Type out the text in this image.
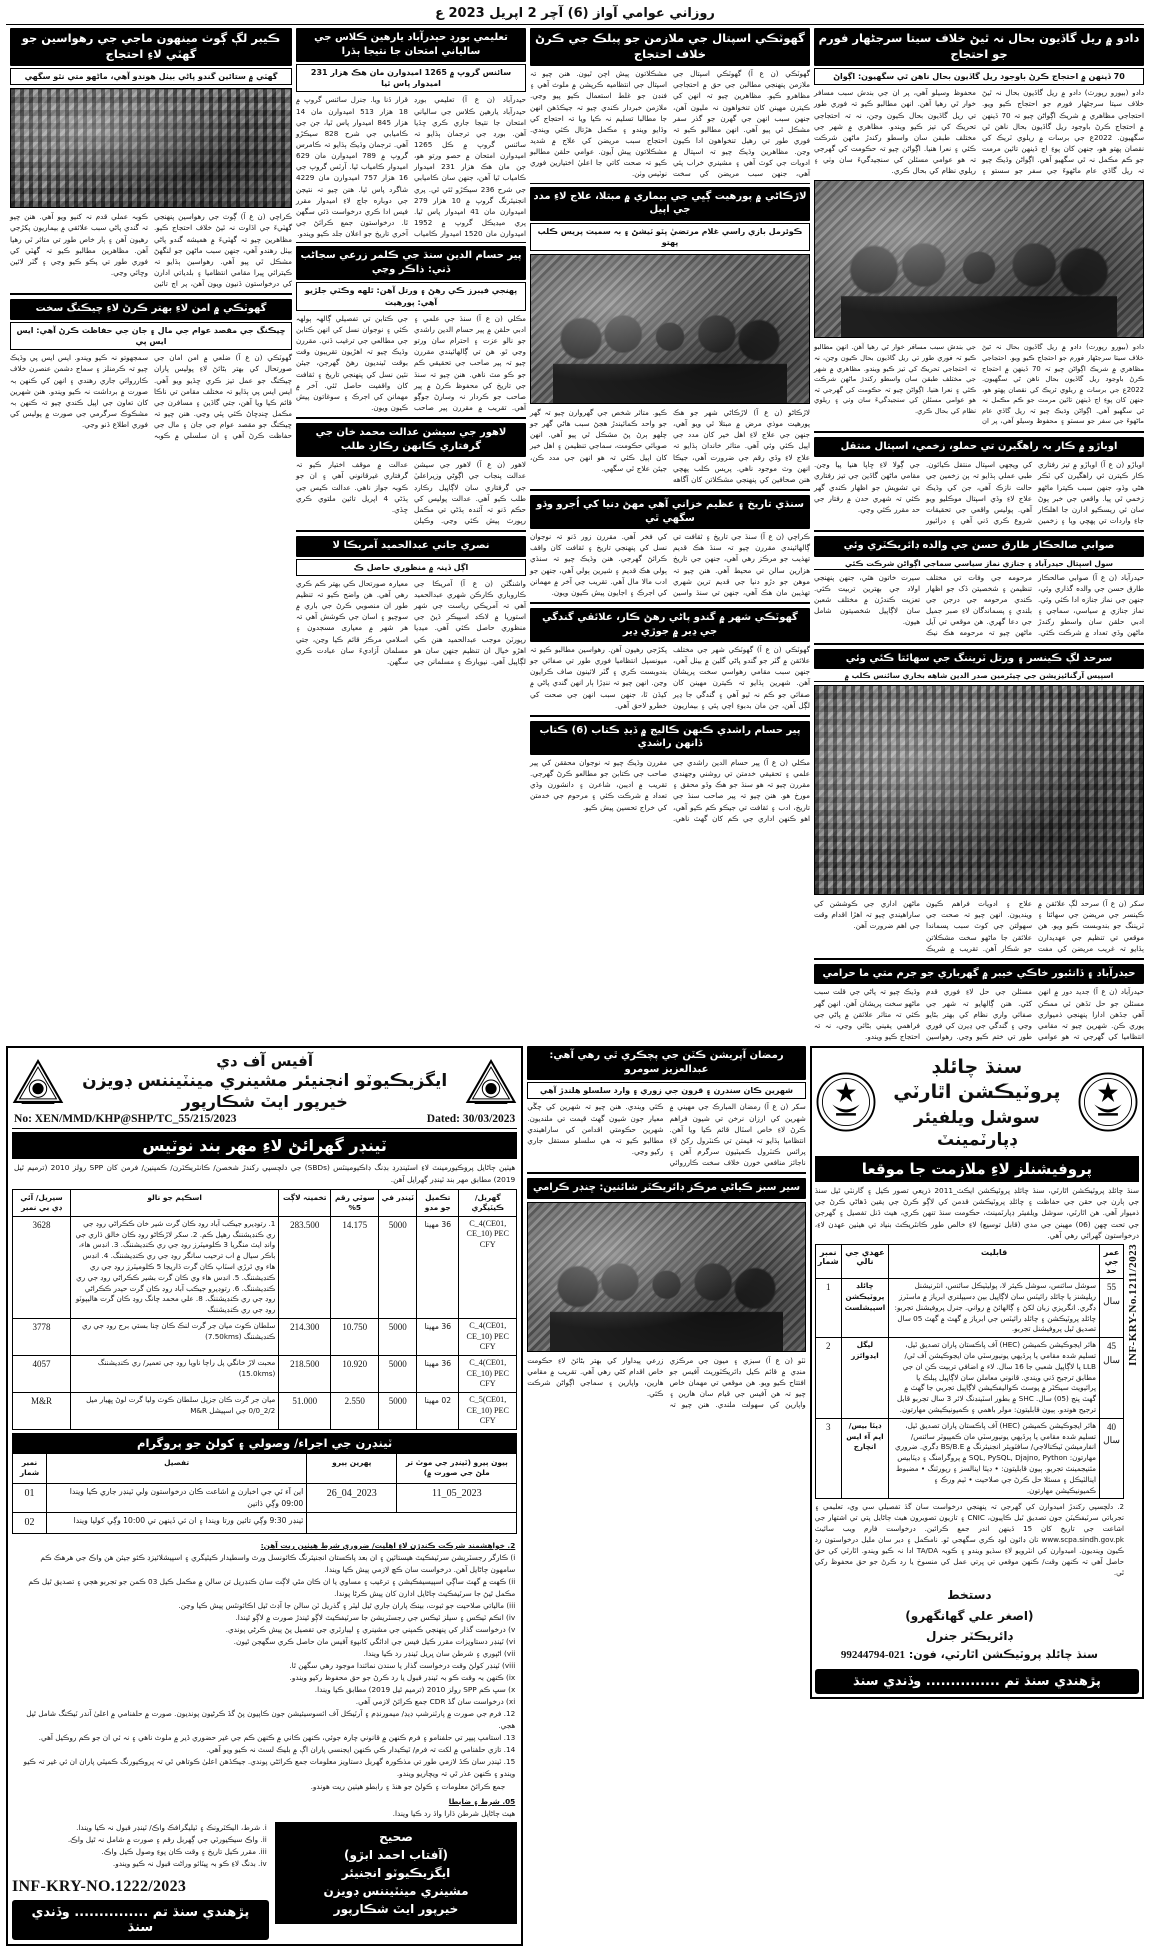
روزاني عوامي آواز (6) آچر 2 اپريل 2023 ع
دادو ۾ ريل گاڏيون بحال نہ ٿيڻ خلاف سيتا سرجڻهار فورم جو احتجاج
70 ڏينهن ۾ احتجاج ڪرڻ باوجود ريل گاڏيون بحال ناهن ٿي سگهيون: اڳواڻ
دادو (بيورو رپورٽ) دادو ۾ ريل گاڏيون بحال نہ ٿيڻ خلاف سيتا سرجڻهار فورم جو احتجاج ڪيو ويو. احتجاجي مظاهري ۾ شريڪ اڳواڻن چيو تہ 70 ڏينهن ۾ احتجاج ڪرڻ باوجود ريل گاڏيون بحال ناهن ٿي سگهيون. 2022ع جي برسات ۾ ريلوي ٽريڪ کي نقصان پهتو هو، جنهن کان پوءِ اڄ ڏينهن تائين مرمت جو ڪم مڪمل نہ ٿي سگهيو آهي. اڳواڻن وڌيڪ چيو تہ ريل گاڏي عام ماڻهوءَ جي سفر جو سستو ۽ محفوظ وسيلو آهي، پر ان جي بندش سبب مسافر خوار ٿي رهيا آهن. انهن مطالبو ڪيو تہ فوري طور تي ريل گاڏيون بحال ڪيون وڃن، نہ تہ احتجاجي تحريڪ کي تيز ڪيو ويندو. مظاهري ۾ شهر جي مختلف طبقن سان واسطو رکندڙ ماڻهن شرڪت ڪئي ۽ نعرا هنيا. اڳواڻن چيو تہ حڪومت کي گهرجي تہ هو عوامي مسئلن کي سنجيدگيءَ سان وٺي ۽ ريلوي نظام کي بحال ڪري.
دادو (بيورو رپورٽ) دادو ۾ ريل گاڏيون بحال نہ ٿيڻ خلاف سيتا سرجڻهار فورم جو احتجاج ڪيو ويو. احتجاجي مظاهري ۾ شريڪ اڳواڻن چيو تہ 70 ڏينهن ۾ احتجاج ڪرڻ باوجود ريل گاڏيون بحال ناهن ٿي سگهيون. 2022ع جي برسات ۾ ريلوي ٽريڪ کي نقصان پهتو هو، جنهن کان پوءِ اڄ ڏينهن تائين مرمت جو ڪم مڪمل نہ ٿي سگهيو آهي. اڳواڻن وڌيڪ چيو تہ ريل گاڏي عام ماڻهوءَ جي سفر جو سستو ۽ محفوظ وسيلو آهي، پر ان جي بندش سبب مسافر خوار ٿي رهيا آهن. انهن مطالبو ڪيو تہ فوري طور تي ريل گاڏيون بحال ڪيون وڃن، نہ تہ احتجاجي تحريڪ کي تيز ڪيو ويندو. مظاهري ۾ شهر جي مختلف طبقن سان واسطو رکندڙ ماڻهن شرڪت ڪئي ۽ نعرا هنيا. اڳواڻن چيو تہ حڪومت کي گهرجي تہ هو عوامي مسئلن کي سنجيدگيءَ سان وٺي ۽ ريلوي نظام کي بحال ڪري.
اوباڙو ۾ ڪار بہ راهگيرن تي حملو، زخمي، اسپتال منتقل
اوباڙو (ن ع آ) اوباڙو ۾ تيز رفتاري ڪار ڪيترن ئي راهگيرن کي ٽڪر هڻي وڌو، جنهن سبب ڪيترا ماڻهو زخمي ٿي پيا. واقعي جي خبر پوڻ سان ئي ريسڪيو ادارن جا اهلڪار جاءِ واردات تي پهچي ويا ۽ زخمين کي ويجهي اسپتال منتقل ڪيائون. طبي عملي ٻڌايو تہ ٻن زخمين جي حالت نازڪ آهي، جن کي وڌيڪ علاج لاءِ وڏي اسپتال موڪليو ويو آهي. پوليس واقعي جي تحقيقات شروع ڪري ڏني آهي ۽ ڊرائيور جي ڳولا لاءِ ڇاپا هنيا پيا وڃن. مقامي ماڻهن گاڏين جي تيز رفتاري تي تشويش جو اظهار ڪندي گهر ڪئي تہ شهري حدن ۾ رفتار جي حد مقرر ڪئي وڃي.
صوابي صالحڪار طارق حسن جي والده ڊائريڪٽري وئي
سول اسپتال حيدرآباد ۽ جنازي نماز سياسي سماجي اڳواڻن شرڪت ڪئي
حيدرآباد (ن ع آ) صوابي صالحڪار طارق حسن جي والده گذاري وئي، جنهن جي نماز جنازه ادا ڪئي وئي. نماز جنازي ۾ سياسي، سماجي ۽ ادبي حلقن سان واسطو رکندڙ ماڻهن وڏي تعداد ۾ شرڪت ڪئي. مرحومه جي وفات تي مختلف تنظيمن ۽ شخصيتن ڏک جو اظهار ڪندي مرحومه جي درجن جي بلندي ۽ پسماندگان لاءِ صبر جميل جي دعا گهري. هن موقعي تي آيل ماڻهن چيو تہ مرحومه هڪ نيڪ سيرت خاتون هئي، جنهن پنهنجي اولاد جي بهترين تربيت ڪئي. تعزيت ڪندڙن ۾ مختلف شعبن سان لاڳاپيل شخصيتون شامل هيون.
سرحد لڳ ڪينسر ۽ ورتل ٽريننگ جي سهائتا ڪئي وئي
اسپيس آرگنائيزيشن جي چيئرمين صدر الدين شاهه بخاري سائنس ڪلب ۾
سکر (ن ع آ) سرحد لڳ علائقن ۾ ڪينسر جي مريضن جي سهائتا ۽ ٽريننگ جو بندوبست ڪيو ويو. هن موقعي تي تنظيم جي عهديدارن ٻڌايو تہ غريب مريضن کي مفت علاج ۽ ادويات فراهم ڪيون وينديون. انهن چيو تہ صحت جي سهولتن جي کوٽ سبب پسماندا علائقن جا ماڻهو سخت مشڪلاتن جو شڪار آهن. تقريب ۾ شريڪ ماڻهن اداري جي ڪوششن کي ساراهيندي چيو تہ اهڙا اقدام وقت جي اهم ضرورت آهن.
حيدرآباد ۽ ڏانئبور خاڪي خيبر ۾ گهرباري جو جرم متي ما حرامي
حيدرآباد (ن ع آ) جديد دور ۾ انهن مسئلن جو حل تڏهن ئي ممڪن آهي جڏهن ادارا پنهنجي ذميواري پوري ڪن. شهرين چيو تہ مقامي انتظاميا کي گهرجي تہ هو عوامي مسئلن جي حل لاءِ فوري قدم کڻي. هنن ڳالهايو تہ شهر جي صفائي واري نظام کي بهتر بڻايو وڃي ۽ گندگي جي ڍيرن کي فوري طور تي ختم ڪيو وڃي. رهواسين وڌيڪ چيو تہ پاڻي جي قلت سبب ماڻهو سخت پريشان آهن. انهن گهر ڪئي تہ متاثر علائقن ۾ پاڻي جي فراهمي يقيني بڻائي وڃي، نہ تہ احتجاج ڪيو ويندو.
گهوٽڪي اسپتال جي ملازمن جو پبلڪ جي ڪرڻ خلاف احتجاج
گهوٽڪي (ن ع آ) گهوٽڪي اسپتال جي ملازمن پنهنجي مطالبن جي حق ۾ احتجاجي مظاهرو ڪيو. مظاهرين چيو تہ انهن کي ڪيترن مهينن کان تنخواهون نہ مليون آهن، جنهن سبب انهن جي گهرن جو گذر سفر مشڪل ٿي پيو آهي. انهن مطالبو ڪيو تہ فوري طور تي رهيل تنخواهون ادا ڪيون وڃن. مظاهرين وڌيڪ چيو تہ اسپتال ۾ ادويات جي کوٽ آهي ۽ مشينري خراب پئي آهي، جنهن سبب مريضن کي سخت مشڪلاتون پيش اچن ٿيون. هنن چيو تہ اسپتال جي انتظاميه ڪرپشن ۾ ملوث آهي ۽ فنڊن جو غلط استعمال ڪيو پيو وڃي. ملازمن خبردار ڪندي چيو تہ جيڪڏهن انهن جا مطالبا تسليم نہ ڪيا ويا تہ احتجاج کي وڌايو ويندو ۽ مڪمل هڙتال ڪئي ويندي. احتجاج سبب مريضن کي علاج ۾ شديد مشڪلاتون پيش آيون. عوامي حلقن مطالبو ڪيو تہ صحت کاتي جا اعليٰ اختيارين فوري نوٽيس وٺن.
لاڙڪاڻي ۾ پورهيت ڳڀي جي بيماري ۾ مبتلا، علاج لاءِ مدد جي اپيل
ڪوئرمل بازي راسي غلام مرتضيٰ پٽو ٽيشڻ ۽ بہ سميت پريس ڪلب پهتو
لاڙڪاڻو (ن ع آ) لاڙڪاڻي شهر جو هڪ پورهيت موذي مرض ۾ مبتلا ٿي ويو آهي، جنهن جي علاج لاءِ اهل خير کان مدد جي اپيل ڪئي وئي آهي. متاثر خاندان ٻڌايو تہ علاج لاءِ وڏي رقم جي ضرورت آهي، جيڪا انهن وٽ موجود ناهي. پريس ڪلب پهچي هنن صحافين کي پنهنجي مشڪلاتن کان آگاهه ڪيو. متاثر شخص جي گهروارن چيو تہ گهر جو واحد ڪمائيندڙ هجڻ سبب هاڻي گهر جو چلهو ٻرڻ پڻ مشڪل ٿي پيو آهي. انهن صوبائي حڪومت، سماجي تنظيمن ۽ اهل خير کان اپيل ڪئي تہ هو انهن جي مدد ڪن، جيئن علاج ٿي سگهي.
سنڌي تاريخ ۽ عظيم خزاني آهي مهڻ دنيا کي اُجرو وڌو سگهي ٿي
ڪراچي (ن ع آ) سنڌ جي تاريخ ۽ ثقافت تي ڳالهائيندي مقررن چيو تہ سنڌ هڪ قديم تهذيب جو مرڪز رهي آهي، جنهن جي تاريخ هزارين سالن تي محيط آهي. هنن چيو تہ موهن جو دڙو دنيا جي قديم ترين شهري تهذيبن مان هڪ آهي، جنهن تي سنڌ واسين کي فخر آهي. مقررن زور ڏنو تہ نوجوان نسل کي پنهنجي تاريخ ۽ ثقافت کان واقف ڪرائڻ گهرجي. هنن وڌيڪ چيو تہ سنڌي ٻولي هڪ قديم ۽ شيرين ٻولي آهي، جنهن جو ادب مالا مال آهي. تقريب جي آخر ۾ مهمانن کي اجرڪ ۽ اجايون پيش ڪيون ويون.
گهوٽڪي شهر ۾ گندو پاڻي رهڻ ڪار، علائقي گندگي جي ڍير ۾ جوڙي ڍير
گهوٽڪي (ن ع آ) گهوٽڪي شهر جي مختلف علائقن ۾ گٽر جو گندو پاڻي گلين ۾ بيٺل آهي، جنهن سبب مقامي رهواسي سخت پريشان آهن. شهرين ٻڌايو تہ ڪيترن مهينن کان صفائي جو ڪم نہ ٿيو آهي ۽ گندگي جا ڍير لڳل آهن، جن مان بدبوءِ اچي پئي ۽ بيماريون پکڙجي رهيون آهن. رهواسين مطالبو ڪيو تہ ميونسپل انتظاميا فوري طور تي صفائي جو بندوبست ڪري ۽ گٽر لائينون صاف ڪرايون وڃن. انهن چيو تہ ننڍڙا ٻار انهن گندي پاڻي ۾ کيڏن ٿا، جنهن سبب انهن جي صحت کي خطرو لاحق آهي.
پير حسام راشدي ڪنهن ڪاليج ۾ ڏيڍ ڪتاب (6) ڪتاب ڏانهن راشدي
مڪلي (ن ع آ) پير حسام الدين راشدي جي علمي ۽ تحقيقي خدمتن تي روشني وجهندي مقررن چيو تہ هو سنڌ جو هڪ وڏو محقق ۽ مورخ هو. هنن چيو تہ پير صاحب سنڌ جي تاريخ، ادب ۽ ثقافت تي جيڪو ڪم ڪيو آهي، اهو ڪنهن اداري جي ڪم کان گهٽ ناهي. مقررن وڌيڪ چيو تہ نوجوان محققن کي پير صاحب جي ڪتابن جو مطالعو ڪرڻ گهرجي. تقريب ۾ اديبن، شاعرن ۽ دانشورن وڏي تعداد ۾ شرڪت ڪئي ۽ مرحوم جي خدمتن کي خراج تحسين پيش ڪيو.
تعليمي بورڊ حيدرآباد يارهين ڪلاس جي سالياني امتحان جا نتيجا ٻڌرا
سائنس گروپ ۾ 1265 اميدوارن مان هڪ هزار 231 اميدوار پاس ٿيا
حيدرآباد (ن ع آ) تعليمي بورڊ حيدرآباد يارهين ڪلاس جي سالياني امتحان جا نتيجا جاري ڪري ڇڏيا آهن. بورڊ جي ترجمان ٻڌايو تہ سائنس گروپ ۾ ڪل 1265 اميدوارن امتحان ۾ حصو ورتو هو، جن مان هڪ هزار 231 اميدوار ڪامياب ٿيا آهن، جنهن سان ڪاميابي جي شرح 236 سيڪڙو ٿئي ٿي. پري انجنيئرنگ گروپ ۾ 10 هزار 279 اميدوارن مان 41 اميدوار پاس ٿيا. پري ميڊيڪل گروپ ۾ 1952 اميدوارن مان 1520 اميدوار ڪامياب قرار ڏنا ويا. جنرل سائنس گروپ ۾ 18 هزار 513 اميدوارن مان 14 هزار 845 اميدوار پاس ٿيا، جن جي ڪاميابي جي شرح 828 سيڪڙو آهي. ترجمان وڌيڪ ٻڌايو تہ ڪامرس گروپ ۾ 789 اميدوارن مان 629 اميدوار ڪامياب ٿيا. آرٽس گروپ جي 16 هزار 757 اميدوارن مان 4229 شاگرد پاس ٿيا. هنن چيو تہ نتيجن جي دوباره جاچ لاءِ اميدوار مقرر فيس ادا ڪري درخواست ڏئي سگهن ٿا. درخواستون جمع ڪرائڻ جي آخري تاريخ جو اعلان جلد ڪيو ويندو.
پير حسام الدين سنڌ جي ڪلمر زرعي سجاڻب ڏني: ذاڪر وڃي
پهنجي فيبرز ڪي رهڻ ۽ ورتل آهن: ٿلهه وڪٽي جلڙيو آهي: پورهيت
مڪلي (ن ع آ) سنڌ جي علمي ۽ ادبي حلقن ۾ پير حسام الدين راشدي جو نالو عزت ۽ احترام سان ورتو وڃي ٿو. هن تي ڳالهائيندي مقررن چيو تہ پير صاحب جي تحقيقي ڪم جو ڪو مٽ ناهي. هنن چيو تہ سنڌ جي تاريخ کي محفوظ ڪرڻ ۾ پير صاحب جو ڪردار نہ وسارڻ جوڳو آهي. تقريب ۾ مقررن پير صاحب جي ڪتابن تي تفصيلي ڳالهہ ٻولهہ ڪئي ۽ نوجوان نسل کي انهن ڪتابن جي مطالعي جي ترغيب ڏني. مقررن وڌيڪ چيو تہ اهڙيون تقريبون وقت بوقت ٿينديون رهڻ گهرجن، جيئن نئين نسل کي پنهنجي تاريخ ۽ ثقافت کان واقفيت حاصل ٿئي. آخر ۾ مهمانن کي اجرڪ ۽ سوغاتون پيش ڪيون ويون.
لاهور جي سيشن عدالت محمد خان جي گرفتاري ڪانهن رڪارڊ طلب
لاهور (ن ع آ) لاهور جي سيشن عدالت پنجاب جي اڳوڻي وزيراعليٰ جي گرفتاري سان لاڳاپيل رڪارڊ طلب ڪيو آهي. عدالت پوليس کي حڪم ڏنو تہ آئندہ ٻڌڻي تي مڪمل رپورٽ پيش ڪئي وڃي. وڪيلن عدالت ۾ موقف اختيار ڪيو تہ گرفتاري غيرقانوني آهي ۽ ان جو ڪوبہ جواز ناهي. عدالت ڪيس جي ٻڌڻي 4 اپريل تائين ملتوي ڪري ڇڏي.
نصري جاني عبدالحميد آمريڪا لا
اڳل ڏينہ ۾ منظوري حاصل ڪ
واشنگٽن (ن ع آ) آمريڪا جي ڪاروباري ڪارڪن شهري عبدالحميد آهي تہ آمريڪي رياست جي شهر استوريا ۾ لاڪڊ اسپيڪر ڏيڻ جي منظوري حاصل ڪئي آهي. ميڊيا رپورٽن موجب عبدالحميد هنن ڪي اهڙو خيال ان تنظيم جنهن سان هو لڳاپيل آهي. نيويارڪ ۽ مسلمانن جي معيارہ صورتحال ڪي بهتر ڪم ڪري رهي آهي. هن واضح ڪيو تہ تنظيم طور ان منصوبي ڪرڻ جي باري ۾ سوچيو ۽ اسان جي ڪوشش آهي تہ هر شهر ۾ معيارى مسجدون ۽ اسلامي مرڪز قائم ڪيا وڃن، جتي مسلمان آزاديءَ سان عبادت ڪري سگهن.
ڪيبر لڳ ڳوٺ مينهون ماجي جي رهواسين جو گهٽي لاءِ احتجاج
گهٽي ۾ ستائين گندو پاڻي بيٺل هوندو آهي، ماڻهو متي نٿو سگهي
ڪراچي (ن ع آ) ڳوٺ جي رهواسين پنهنجي گهٽيءَ جي اڏاوت نہ ٿيڻ خلاف احتجاج ڪيو. مظاهرين چيو تہ گهٽيءَ ۾ هميشه گندو پاڻي بيٺل رهندو آهي، جنهن سبب ماڻهن جو لنگهڻ مشڪل ٿي پيو آهي. رهواسين ٻڌايو تہ ڪيترائي ڀيرا مقامي انتظاميا ۽ بلدياتي ادارن کي درخواستون ڏنيون ويون آهن، پر اڄ تائين ڪوبہ عملي قدم نہ کنيو ويو آهي. هنن چيو تہ گندي پاڻي سبب علائقي ۾ بيماريون پکڙجي رهيون آهن ۽ ٻار خاص طور تي متاثر ٿي رهيا آهن. مظاهرين مطالبو ڪيو تہ گهٽي کي فوري طور تي پڪو ڪيو وڃي ۽ گٽر لائين وڇائي وڃي.
گهوٽڪي ۾ امن لاءِ بهتر ڪرڻ لاءِ چيڪنگ سخت
ڇيڪنگ جي مقصد عوام جي مال ۽ جان جي حفاظت ڪرڻ آهي: ايس ايس پي
گهوٽڪي (ن ع آ) ضلعي ۾ امن امان جي صورتحال کي بهتر بڻائڻ لاءِ پوليس پاران چيڪنگ جو عمل تيز ڪري ڇڏيو ويو آهي. ايس ايس پي ٻڌايو تہ مختلف مقامن تي ناڪا قائم ڪيا ويا آهن، جتي گاڏين ۽ مسافرن جي مڪمل ڇنڊڇاڻ ڪئي پئي وڃي. هنن چيو تہ ڇيڪنگ جو مقصد عوام جي جان ۽ مال جي حفاظت ڪرڻ آهي ۽ ان سلسلي ۾ ڪوبہ سمجهوتو نہ ڪيو ويندو. ايس ايس پي وڌيڪ چيو تہ ڪرمنلز ۽ سماج دشمن عنصرن خلاف ڪارروائي جاري رهندي ۽ انهن کي ڪنهن بہ صورت ۾ برداشت نہ ڪيو ويندو. هنن شهرين کان تعاون جي اپيل ڪندي چيو تہ ڪنهن بہ مشڪوڪ سرگرمي جي صورت ۾ پوليس کي فوري اطلاع ڏنو وڃي.
سنڌ چائلڊ پروٽيڪشن اٿارٽي
سوشل ويلفيئر ڊپارٽمينٽ
پروفيشنلز لاءِ ملازمت جا موقعا
سنڌ چائلڊ پروٽيڪشن اٿارٽي، سنڌ چائلڊ پروٽيڪشن ايڪٽ_2011 ذريعي تصور ڪيل ۽ گارنٽي ٿيل سنڌ جي ٻارن جي حقن جي حفاظت ۽ چائلڊ پروٽيڪشن قدمن کي لاڳو ڪرڻ جي يقين ڏهاڻي ڪرڻ جي ذميوار آهي. هن اٿارٽي، سوشل ويلفيئر ڊپارٽمينٽ، حڪومت سنڌ تنهن ڪري، هيٺ ڏنل تفصيل ۽ گهرجن جي تحت ڇهن (06) مهينن جي مدي (قابل توسيع) لاءِ خالص طور ڪانٽريڪٽ بنياد تي هيٺين عهدن لاءِ، درخواستون گهرائي رهي آهي.
INF-KRY-No.1211/2023
عمر جي حد	قابليت	عهدي جي نالي	نمبر شمار
55 سال	سوشل سائنس، سوشل ڪيئر لا، پوليٽيڪل سائنس، انٽرنيشنل ريليشنز يا چائلڊ رائيٽس سان لاڳاپيل بين ڊسيپلنري ابرياز ۾ ماسٽرز ڊگري. انگريزي زبان لکڻ ۽ ڳالهائڻ ۾ رواني. جنرل پروفيشنل تجربو: چائلڊ پروٽيڪشن ۽ چائلڊ رائيٽس جي ابرياز ۾ گهٽ ۾ گهٽ 05 سال تصديق ٿيل پروفيشنل تجربو.	چائلڊ پروٽيڪشن اسپيشلسٽ	1
45 سال	هائر ايجوڪيشن ڪميشن (HEC) آف پاڪستان پاران تصديق ٿيل، تسليم شدہ مقامي يا پرڏيهي يونيورسٽي مان ايجوڪيشن آف ٿي/ LLB يا لاڳاپيل شعبي جا 16 سال. لاء ۾ اضافي تربيت ڪن ان جي مطابق ترجيح ڏني ويندي. قانوني معاملن سان لاڳاپيل پبلڪ يا پرائيويٽ سيڪٽر ۾ پوسٽ ڪواليفڪيشن لاڳاپيل تجربي جا گهٽ ۾ گهٽ پنج (05) سال. SHC ۾ بطور اسٽينڊنگ لائر 3 سال تجربو قابل ترجيح هوندو. ٻيون قابليتون: مولر باهمي ۽ ڪميونيڪيشن مهارتون.	ليگل ايڊوائزر	2
40 سال	هائر ايجوڪيشن ڪميشن (HEC) آف پاڪستان پاران تصديق ٿيل، تسليم شدہ مقامي يا پرڏيهي يونيورسٽي مان ڪمپيوٽر سائنس/ انفارميشن ٽيڪنالاجي/ سافٽويئر انجنيئرنگ ۾ BS/B.E ڊگري. ضروري مهارتون: SQL, PySQL, Djajno, Python ۾ پروگرامنگ ۽ ڊيٽابيس مئنيجمينٽ تجربو. ٻيون قابليتون: • ڊيٽا اينالسز ۽ رپورٽنگ • مضبوط اينالٽيڪل ۽ مسئلا حل ڪرڻ جي صلاحيت • ٽيم ورڪ ۽ ڪميونيڪيشن مهارتون.	ڊيٽا بيس/ ايم آء ايس انچارج	3
2. دلچسپي رکندڙ اميدوارن کي گهرجي تہ پنهنجي درخواست سان گڏ تفصيلي سي وي، تعليمي ۽ تجرباتي سرٽيفڪيٽن جون تصديق ٿيل ڪاپيون، CNIC ۽ تازيون تصويرون هيٺ ڄاڻايل پتي تي اشتهار جي اشاعت جي تاريخ کان 15 ڏينهن اندر جمع ڪرائين. درخواست فارم ويب سائيٽ www.scpa.sindh.gov.pk تان ڊائون لوڊ ڪري سگهجي ٿو. نامڪمل ۽ دير سان مليل درخواستون رد ڪيون وينديون. اميدوارن کي انٽرويو لاءِ سڏيو ويندو ۽ ڪوبہ TA/DA ادا نہ ڪيو ويندو. اٿارٽي کي حق حاصل آهي تہ ڪنهن وقت/ ڪنهن موقعي تي ڀرتي عمل کي منسوخ يا رد ڪرڻ جو حق محفوظ رکي ٿي.
دستخط
(اصغر علي گهانگهرو)
ڊائريڪٽر جنرل
سنڌ چائلڊ پروٽيڪشن اٿارٽي، فون: 021-99244794
پڙهندي سنڌ تم ............... وڏندي سنڌ
رمضان آپريشن ڪٽن جي پچڪري ٿي رهي آهي: عبدالعزيز سومرو
شهرين ڪان سندرن ۽ قرون جي زوري ۽ وارد سلسلو هلندڙ آهي
سکر (ن ع آ) رمضان المبارڪ جي مهيني ۾ شهرين کي ارزان نرخن تي شيون فراهم ڪرڻ لاءِ خاص اسٽال قائم ڪيا ويا آهن. انتظاميا ٻڌايو تہ قيمتن تي ڪنٽرول رکڻ لاءِ پرائس ڪنٽرول ڪميٽيون سرگرم آهن ۽ ناجائز منافعي خورن خلاف سخت ڪارروائي ڪئي ويندي. هنن چيو تہ شهرين کي چڱي معيار جون شيون گهٽ قيمت تي ملنديون. شهرين حڪومتي اقدامن کي ساراهيندي مطالبو ڪيو تہ هي سلسلو مستقل جاري رکيو وڃي.
سير سبز ڪياڻي مرڪز ڊائريڪٽر شائنين: ڇنڊر ڪرامي
ٺٽو (ن ع آ) سبزي ۽ ميون جي مرڪزي منڊي ۾ قائم ڪيل ڊائريڪٽوريٽ آفيس جو افتتاح ڪيو ويو. هن موقعي تي مهمان خاص چيو تہ هن آفيس جي قيام سان هارين ۽ واپارين کي سهولت ملندي. هنن چيو تہ زرعي پيداوار کي بهتر بڻائڻ لاءِ حڪومت خاص اقدام کڻي رهي آهي. تقريب ۾ مقامي هارين، واپارين ۽ سماجي اڳواڻن شرڪت ڪئي.
آفيس آف دي
ايگزيڪيوٽو انجنيئر مشينري مينٽيننس ڊويزن
خيرپور ايٽ شڪارپور
No: XEN/MMD/KHP@SHP/TC_55/215/2023	Dated: 30/03/2023
ٽينڊر گهرائڻ لاءِ مهر بند نوٽيس
هيٺين ڄاڻايل پروڪيورمينٽ لاءِ اسٽينڊرڊ بڊنگ ڊاڪيومينٽس (SBDs) جي دلچسپي رکندڙ شخصن/ ڪانٽريڪٽرن/ ڪمپنين/ فرمن کان SPP رولز 2010 (ترميم ٿيل 2019) مطابق مهر بند ٽينڊر گهرايل آهن.
گهربل/ ڪيٽيگري	تڪميل جو مدو	ٽينڊر في	سوٽي رقم 5%	تخمينہ لاڳت	اسڪيم جو نالو	سيريل/ آئي ڊي بي نمبر
C_4(CE01, CE_10) PEC CFY	36 مهينا	5000	14.175	283.500	1. رتوڊيرو جيڪب آباد روڊ ڪان گرت شير خان ڪڪراڻي روڊ جي ري ڪنڊيشننگ رهيل ڪم. 2. سکر لاڙڪاڻو روڊ ڪان خالق ڌاري جي وانڊ ايٽ منگريا 3 ڪلوميٽرز روڊ جي ري ڪنڊيشننگ. 3. انڊس هاء، باڪر سيال ۾ اب ترحيب سانگر روڊ جي ري ڪنڊيشننگ. 4. انڊس هاء وي ٿرڙي اسٽاپ ڪان گرت ڏاريجا 5 ڪلوميٽرز روڊ جي ري ڪنڊيشننگ. 5. انڊس هاء وي ڪان گرت بشير ڪڪراڻي روڊ جي ري ڪنڊيشننگ. 6. رتوڊيرو جيڪب آباد روڊ ڪان گرت حيدر ڪڪراڻي روڊ جي ري ڪنڊيشننگ. 8. علي محمد چانگ روڊ ڪان گرت هاليپوٽو روڊ جي ري ڪنڊيشننگ	3628
C_4(CE01, CE_10) PEC CFY	36 مهينا	5000	10.750	214.300	سلطان ڪوٽ ميان جر گرت لنڪ ڪان چنا بستي برج روڊ جي ري ڪنڊيشننگ (7.50kms)	3778
C_4(CE01, CE_10) PEC CFY	36 مهينا	5000	10.920	218.500	محبت لاڙ خانگي پل راڄا ناويا روڊ جي تعمير/ ري ڪنڊيشننگ (15.0kms)	4057
C_5(CE01, CE_10) PEC CFY	02 مهينا	5000	2.550	51.000	ميان جر گرت ڪان جزيل سلطان ڪوٽ وليا گرت لوڻ ڀهيار ميل 2/2_0/0 جي اسپيشل M&R	M&R
ٽينڊرن جي اجراء/ وصولي ۽ کولڻ جو پروگرام
ٻيون ٻيرو (ٽينڊر جي موٽ تر ملڻ جي صورت ۾)	پهرين ٻيرو	تفصيل	نمبر شمار
11_05_2023	26_04_2023	اين آء ٽي جي اخبارن ۾ اشاعت ڪان درخواستون ولي ٽينڊر جاري ڪيا ويندا 09:00 وڳي ڌاتين	01
		ٽينڊر 9:30 وڳي تائين ورتا ويندا ۽ ان ئي ڏينهن تي 10:00 وڳي کوليا ويندا	02
2. خواهشمند شرڪت ڪندڙن لاءِ اهليت/ ضروري شرط هيٺين ريت آهن:
i) ڪارگر رجسٽريشن سرٽيفڪيٽ هيستائين ۽ ان بعد پاڪستان انجنيئرنگ ڪائونسل ورٿ واسطيدار ڪيٽيگري ۽ اسپيشلائيزڊ ڪئو جيئن هن واڪ جي هرهڪ ڪم سامهون ڄاڻايل آهن. درخواست سان ڪڇ لازمي پيش ڪيا ويندا.
ii) ڪهت ۾ گهٽ ساڳي اسپيسيفڪيشن ۽ ترغيب ۽ مساوي يا ان ڪان مٿي لاڳت سان ڪنڊريل تن سالن ۾ مڪمل ڪيل 03 ڪمن جو تجربو هجي ۽ تصديق ٿيل ڪم مڪمل ٿيڻ جا سرٽيفڪيٽ ڄاڻايل ادارن کان پيش ڪرڻا پوندا.
iii) مالياتي صلاحيت جو ثبوت، بينڪ پاران جاري ٿيل ليٽر ۽ گذريل ٽن سالن جا آڊٽ ٿيل اڪائونٽس پيش ڪيا وڃن.
iv) انڪم ٽيڪس ۽ سيلز ٽيڪس جي رجسٽريشن جا سرٽيفڪيٽ لاڳو ٿيندڙ صورت ۾ لاڳو ٿيندا.
v) درخواست گذار کي پنهنجي ڪمپني جي مشينري ۽ ليبارٽري جي تفصيل پڻ پيش ڪرڻي پوندي.
vi) ٽينڊر دستاويزات مقرر ڪيل فيس جي ادائگي کانپوءِ آفيس مان حاصل ڪري سگهجن ٿيون.
vii) اڻپوري ۽ شرطن سان ڀريل ٽينڊر رد ڪيا ويندا.
viii) ٽينڊر کولڻ وقت درخواست گذار يا سندن نمائندا موجود رهي سگهن ٿا.
ix) ڪنهن بہ وقت ڪو بہ ٽينڊر قبول يا رد ڪرڻ جو حق محفوظ رکيو ويندو.
x) سڀ ڪم SPP رولز 2010 (ترميم ٿيل 2019) مطابق ڪيا ويندا.
xi) درخواست سان گڏ CDR جمع ڪرائڻ لازمي آهي.
12. فرم جي صورت ۾ پارٽنرشپ ڊيڊ/ ميمورنڊم ۽ آرٽيڪل آف ائسوسيئيشن جون ڪاپيون پڻ گڏ ڪرڻيون پونديون. صورت ۾ حلفنامي ۾ اعلىٰ آندر ٽيڪنگ شامل ٿيل هجي.
13. استامپ پيپر تي حلفنامو ۽ فرم ڪنهن ۾ قانوني چارہ جوئي، ڪنهن ڪاني ۾ ڪنهن ڪم جي غير حضوري ڏير ۾ ملوث ناهي ۽ نہ ئي ان جو ڪم روڪيل آهي.
14. تازي حلفنامي ۾ لکت تہ فرم/ ٽيڪيدار ڪي ڪنهن ايجنسي پاران اڳ ۾ بليڪ لسٽ نہ ڪيو ويو آهي.
15. ٽينڊر سان ڪڏ لازمي طور تي مذڪورہ گهربل دستاويز معلومات جمع ڪرائڻي پوندي. جيڪڏهن اعلىٰ ڪوتاهي ٿي تہ پروڪيورنگ ڪميٽي پاران ان ئي غير تہ ڪيو ويندو ۽ ڪنهن عذر ٿي تہ ويچاريو ويندو.
جمع ڪرائڻ معلومات ۽ ڪولڻ جو هنڌ ۽ رابطو هيٺين ريت هوندو.
05. شرط ۽ ضابطا
هيٺ ڄاڻايل شرطن ڌارا واڌ رد ڪيا ويندا.
صحيح
(آفتاب احمد ابڙو)
ايگزيڪيوٽو انجنيئر
مشينري مينٽيننس ڊويزن
خيرپور ايٽ شڪارپور
i. شرط، اليڪٽرونڪ ۽ ٽيليگرافڪ واڪ/ ٽينڊر قبول نہ ڪيا ويندا.
ii. واڪ سيڪيورٽي جي ڳهربل رقم ۽ صورت ۾ شامل نہ ٿيل واڪ.
iii. مقرر ڪيل تاريخ ۽ وقت ڪان پوءِ وصول ڪيل واڪ.
iv. بدنگ لاءِ ڪو بہ ڀيٽائو وراڻت قبول نہ ڪيو ويندو.
INF-KRY-NO.1222/2023
پڙهندي سنڌ تم ............... وڏندي سنڌ
